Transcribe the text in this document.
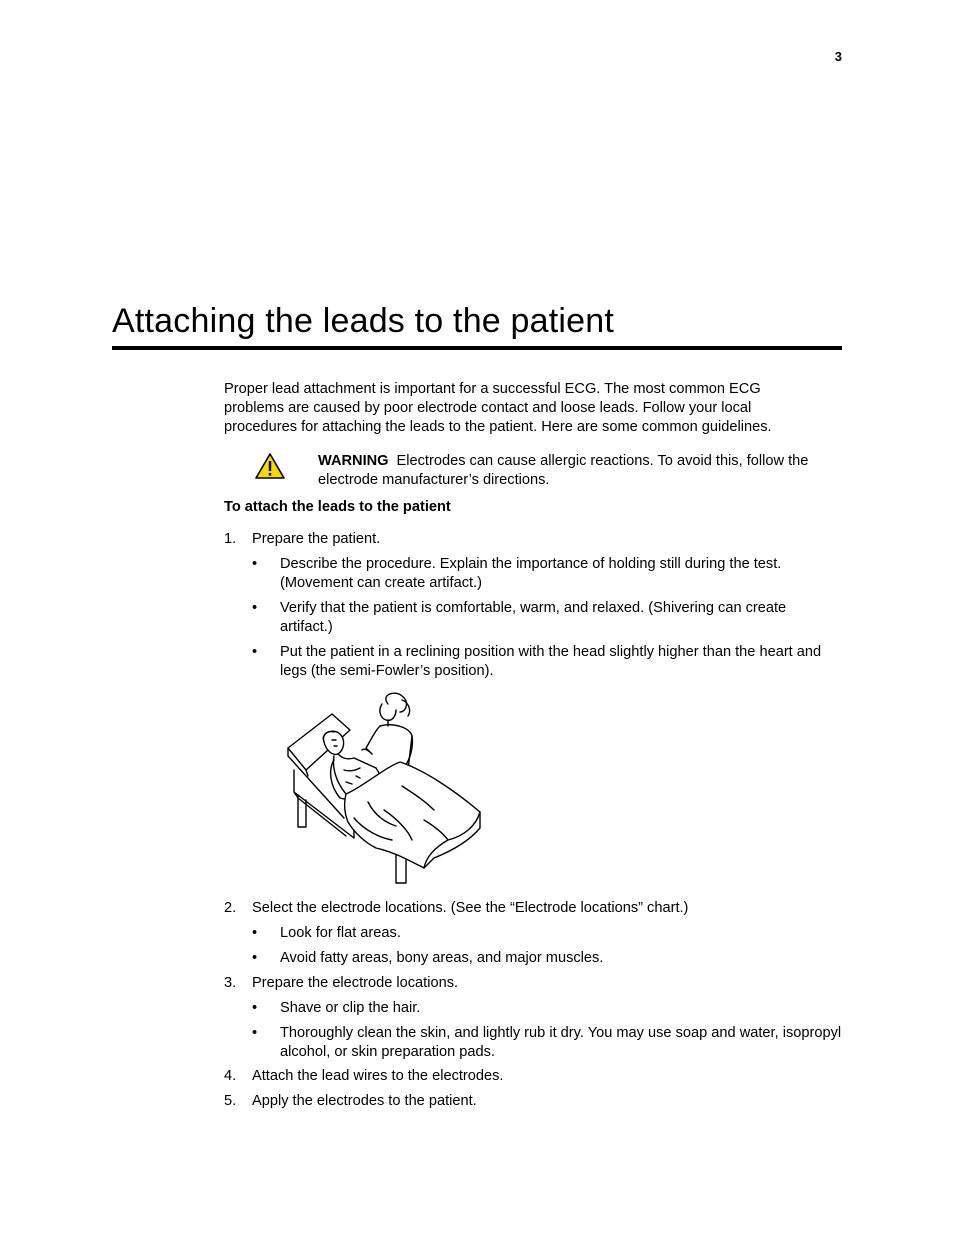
3
Attaching the leads to the patient

Proper lead attachment is important for a successful ECG. The most common ECG problems are caused by poor electrode contact and loose leads. Follow your local procedures for attaching the leads to the patient. Here are some common guidelines.

WARNING Electrodes can cause allergic reactions. To avoid this, follow the electrode manufacturer’s directions.

To attach the leads to the patient

1. Prepare the patient.

• Describe the procedure. Explain the importance of holding still during the test. (Movement can create artifact.)

• Verify that the patient is comfortable, warm, and relaxed. (Shivering can create artifact.)

• Put the patient in a reclining position with the head slightly higher than the heart and legs (the semi-Fowler’s position).

2. Select the electrode locations. (See the “Electrode locations” chart.)

• Look for flat areas.

• Avoid fatty areas, bony areas, and major muscles.

3. Prepare the electrode locations.

• Shave or clip the hair.

• Thoroughly clean the skin, and lightly rub it dry. You may use soap and water, isopropyl alcohol, or skin preparation pads.

4. Attach the lead wires to the electrodes.

5. Apply the electrodes to the patient.
